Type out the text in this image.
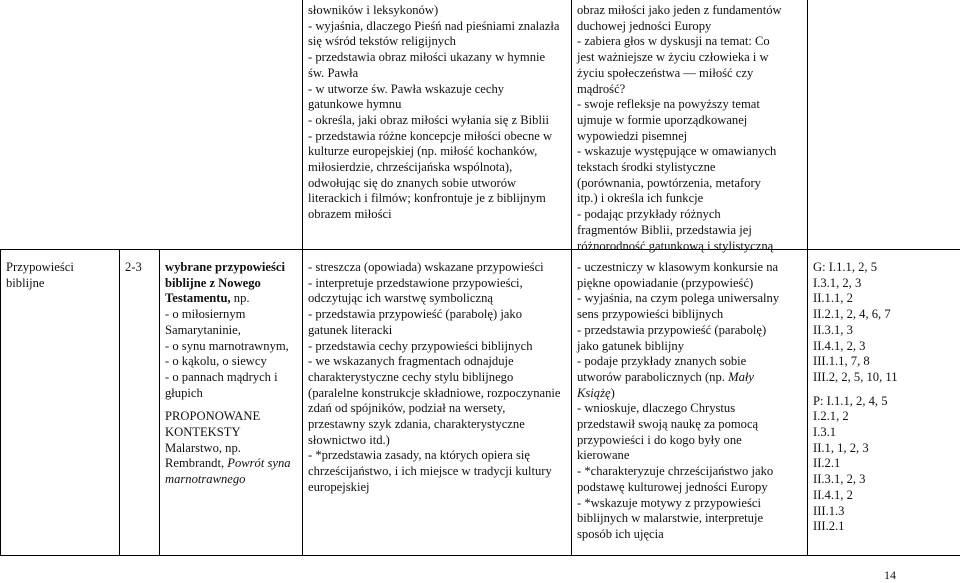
słowników i leksykonów)
- wyjaśnia, dlaczego Pieśń nad pieśniami znalazła
się wśród tekstów religijnych
- przedstawia obraz miłości ukazany w hymnie
św. Pawła
- w utworze św. Pawła wskazuje cechy
gatunkowe hymnu
- określa, jaki obraz miłości wyłania się z Biblii
- przedstawia różne koncepcje miłości obecne w
kulturze europejskiej (np. miłość kochanków,
miłosierdzie, chrześcijańska wspólnota),
odwołując się do znanych sobie utworów
literackich i filmów; konfrontuje je z biblijnym
obrazem miłości
obraz miłości jako jeden z fundamentów
duchowej jedności Europy
- zabiera głos w dyskusji na temat: Co
jest ważniejsze w życiu człowieka i w
życiu społeczeństwa — miłość czy
mądrość?
- swoje refleksje na powyższy temat
ujmuje w formie uporządkowanej
wypowiedzi pisemnej
- wskazuje występujące w omawianych
tekstach środki stylistyczne
(porównania, powtórzenia, metafory
itp.) i określa ich funkcje
- podając przykłady różnych
fragmentów Biblii, przedstawia jej
różnorodność gatunkową i stylistyczną
Przypowieści
biblijne
2-3	wybrane przypowieści
biblijne z Nowego
Testamentu, np.
- o miłosiernym
Samarytaninie,
- o synu marnotrawnym,
- o kąkolu, o siewcy
- o pannach mądrych i
głupich
PROPONOWANE
KONTEKSTY
Malarstwo, np.
Rembrandt, Powrót syna
marnotrawnego
- streszcza (opowiada) wskazane przypowieści
- interpretuje przedstawione przypowieści,
odczytując ich warstwę symboliczną
- przedstawia przypowieść (parabolę) jako
gatunek literacki
- przedstawia cechy przypowieści biblijnych
- we wskazanych fragmentach odnajduje
charakterystyczne cechy stylu biblijnego
(paralelne konstrukcje składniowe, rozpoczynanie
zdań od spójników, podział na wersety,
przestawny szyk zdania, charakterystyczne
słownictwo itd.)
- *przedstawia zasady, na których opiera się
chrześcijaństwo, i ich miejsce w tradycji kultury
europejskiej
- uczestniczy w klasowym konkursie na
piękne opowiadanie (przypowieść)
- wyjaśnia, na czym polega uniwersalny
sens przypowieści biblijnych
- przedstawia przypowieść (parabolę)
jako gatunek biblijny
- podaje przykłady znanych sobie
utworów parabolicznych (np. Mały
Książę)
- wnioskuje, dlaczego Chrystus
przedstawił swoją naukę za pomocą
przypowieści i do kogo były one
kierowane
- *charakteryzuje chrześcijaństwo jako
podstawę kulturowej jedności Europy
- *wskazuje motywy z przypowieści
biblijnych w malarstwie, interpretuje
sposób ich ujęcia
G: I.1.1, 2, 5
I.3.1, 2, 3
II.1.1, 2
II.2.1, 2, 4, 6, 7
II.3.1, 3
II.4.1, 2, 3
III.1.1, 7, 8
III.2, 2, 5, 10, 11
P: I.1.1, 2, 4, 5
I.2.1, 2
I.3.1
II.1, 1, 2, 3
II.2.1
II.3.1, 2, 3
II.4.1, 2
III.1.3
III.2.1
14
